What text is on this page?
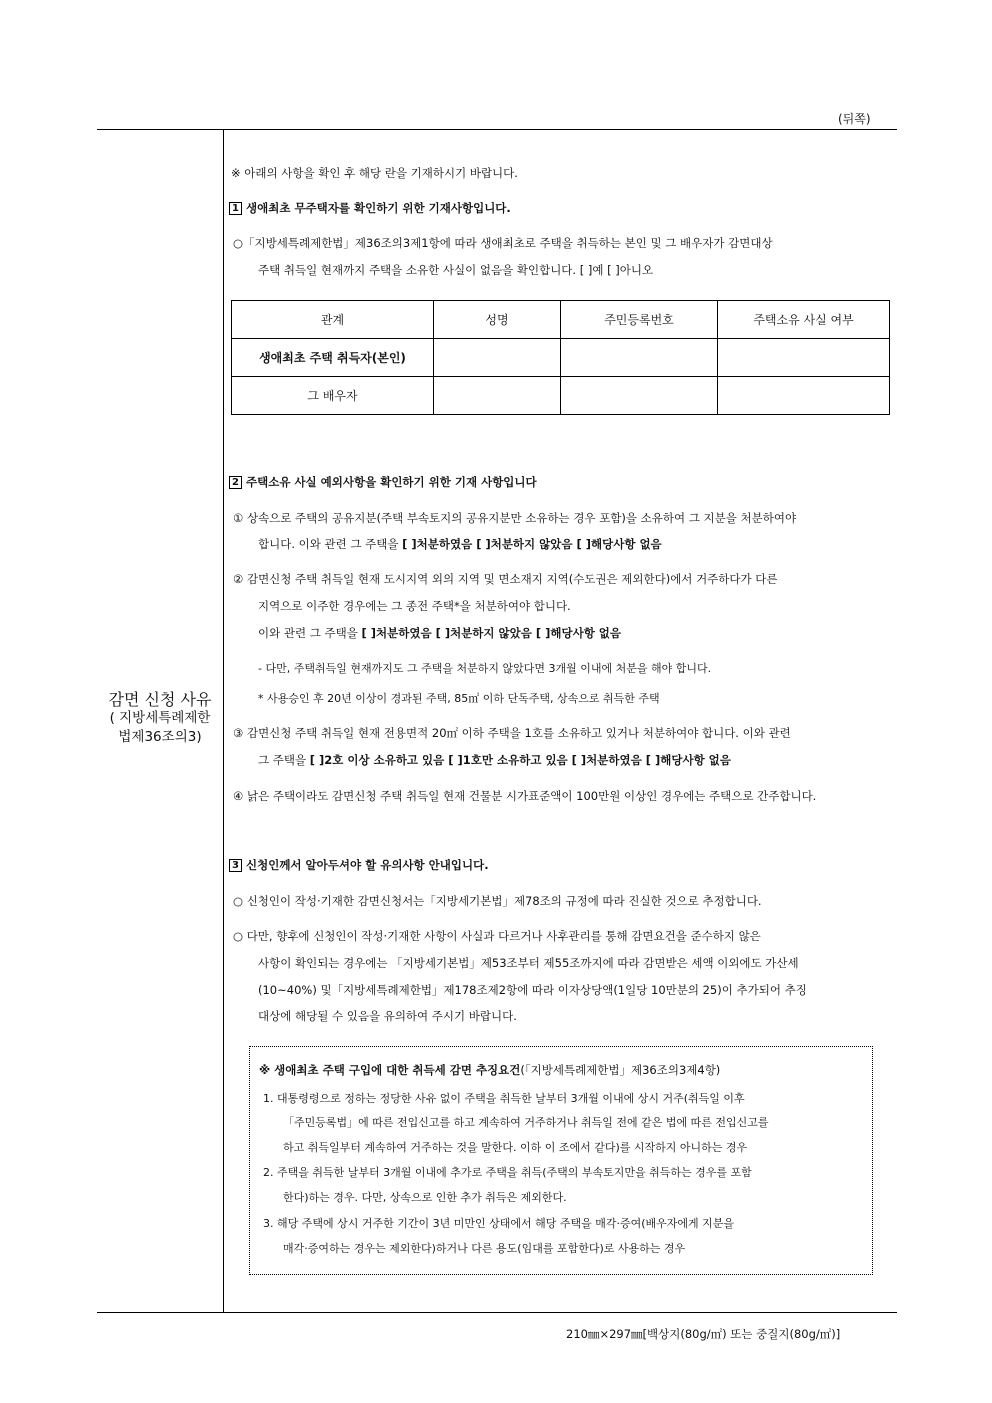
(뒤쪽)
감면 신청 사유
( 지방세특례제한
법제36조의3)
※ 아래의 사항을 확인 후 해당 란을 기재하시기 바랍니다.
1 생애최초 무주택자를 확인하기 위한 기재사항입니다.
○「지방세특례제한법」제36조의3제1항에 따라 생애최초로 주택을 취득하는 본인 및 그 배우자가 감면대상
주택 취득일 현재까지 주택을 소유한 사실이 없음을 확인합니다. [ ]예 [ ]아니오
관계	성명	주민등록번호	주택소유 사실 여부
생애최초 주택 취득자(본인)			
그 배우자			
2 주택소유 사실 예외사항을 확인하기 위한 기재 사항입니다
① 상속으로 주택의 공유지분(주택 부속토지의 공유지분만 소유하는 경우 포함)을 소유하여 그 지분을 처분하여야
합니다. 이와 관련 그 주택을 [ ]처분하였음 [ ]처분하지 않았음 [ ]해당사항 없음
② 감면신청 주택 취득일 현재 도시지역 외의 지역 및 면소재지 지역(수도권은 제외한다)에서 거주하다가 다른
지역으로 이주한 경우에는 그 종전 주택*을 처분하여야 합니다.
이와 관련 그 주택을 [ ]처분하였음 [ ]처분하지 않았음 [ ]해당사항 없음
- 다만, 주택취득일 현재까지도 그 주택을 처분하지 않았다면 3개월 이내에 처분을 해야 합니다.
* 사용승인 후 20년 이상이 경과된 주택, 85㎡ 이하 단독주택, 상속으로 취득한 주택
③ 감면신청 주택 취득일 현재 전용면적 20㎡ 이하 주택을 1호를 소유하고 있거나 처분하여야 합니다. 이와 관련
그 주택을 [ ]2호 이상 소유하고 있음 [ ]1호만 소유하고 있음 [ ]처분하였음 [ ]해당사항 없음
④ 낡은 주택이라도 감면신청 주택 취득일 현재 건물분 시가표준액이 100만원 이상인 경우에는 주택으로 간주합니다.
3 신청인께서 알아두셔야 할 유의사항 안내입니다.
○ 신청인이 작성·기재한 감면신청서는「지방세기본법」제78조의 규정에 따라 진실한 것으로 추정합니다.
○ 다만, 향후에 신청인이 작성·기재한 사항이 사실과 다르거나 사후관리를 통해 감면요건을 준수하지 않은
사항이 확인되는 경우에는 「지방세기본법」제53조부터 제55조까지에 따라 감면받은 세액 이외에도 가산세
(10~40%) 및「지방세특례제한법」제178조제2항에 따라 이자상당액(1일당 10만분의 25)이 추가되어 추징
대상에 해당될 수 있음을 유의하여 주시기 바랍니다.
※ 생애최초 주택 구입에 대한 취득세 감면 추징요건(「지방세특례제한법」제36조의3제4항)
1. 대통령령으로 정하는 정당한 사유 없이 주택을 취득한 날부터 3개월 이내에 상시 거주(취득일 이후
「주민등록법」에 따른 전입신고를 하고 계속하여 거주하거나 취득일 전에 같은 법에 따른 전입신고를
하고 취득일부터 계속하여 거주하는 것을 말한다. 이하 이 조에서 같다)를 시작하지 아니하는 경우
2. 주택을 취득한 날부터 3개월 이내에 추가로 주택을 취득(주택의 부속토지만을 취득하는 경우를 포함
한다)하는 경우. 다만, 상속으로 인한 추가 취득은 제외한다.
3. 해당 주택에 상시 거주한 기간이 3년 미만인 상태에서 해당 주택을 매각·증여(배우자에게 지분을
매각·증여하는 경우는 제외한다)하거나 다른 용도(임대를 포함한다)로 사용하는 경우
210㎜×297㎜[백상지(80g/㎡) 또는 중질지(80g/㎡)]
